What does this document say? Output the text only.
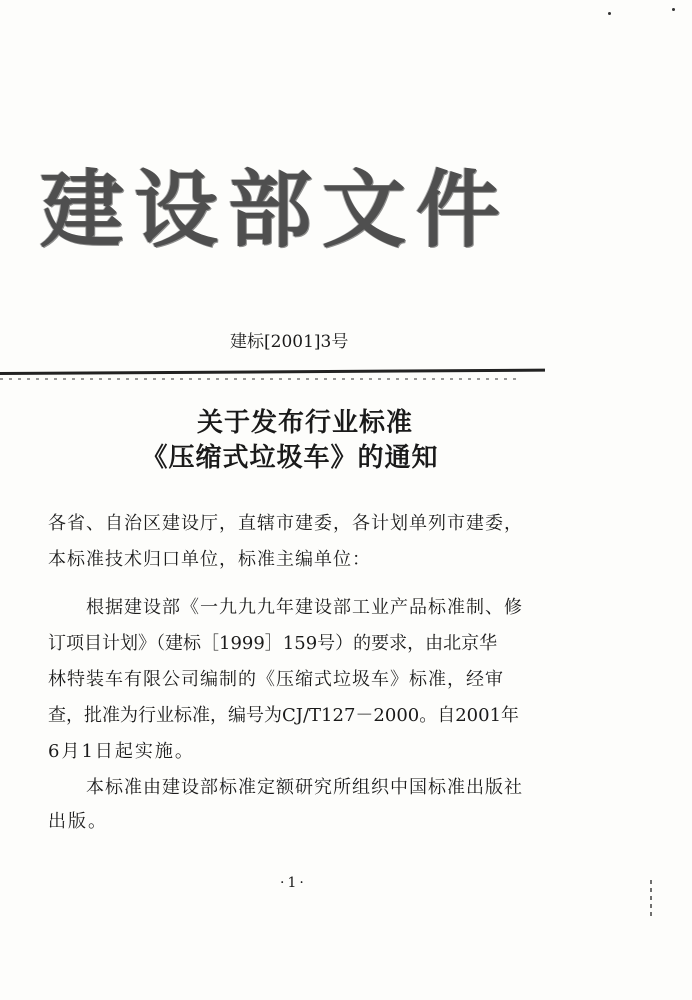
建设部文件
建标[2001]3号
关于发布行业标准
《压缩式垃圾车》的通知
各省、自治区建设厅，直辖市建委，各计划单列市建委，
本标准技术归口单位，标准主编单位：
根据建设部《一九九九年建设部工业产品标准制、修
订项目计划》（建标［1999］159号）的要求，由北京华
林特装车有限公司编制的《压缩式垃圾车》标准，经审
查，批准为行业标准，编号为CJ/T127－2000。自2001年
6月1日起实施。
本标准由建设部标准定额研究所组织中国标准出版社
出版。
·1·
